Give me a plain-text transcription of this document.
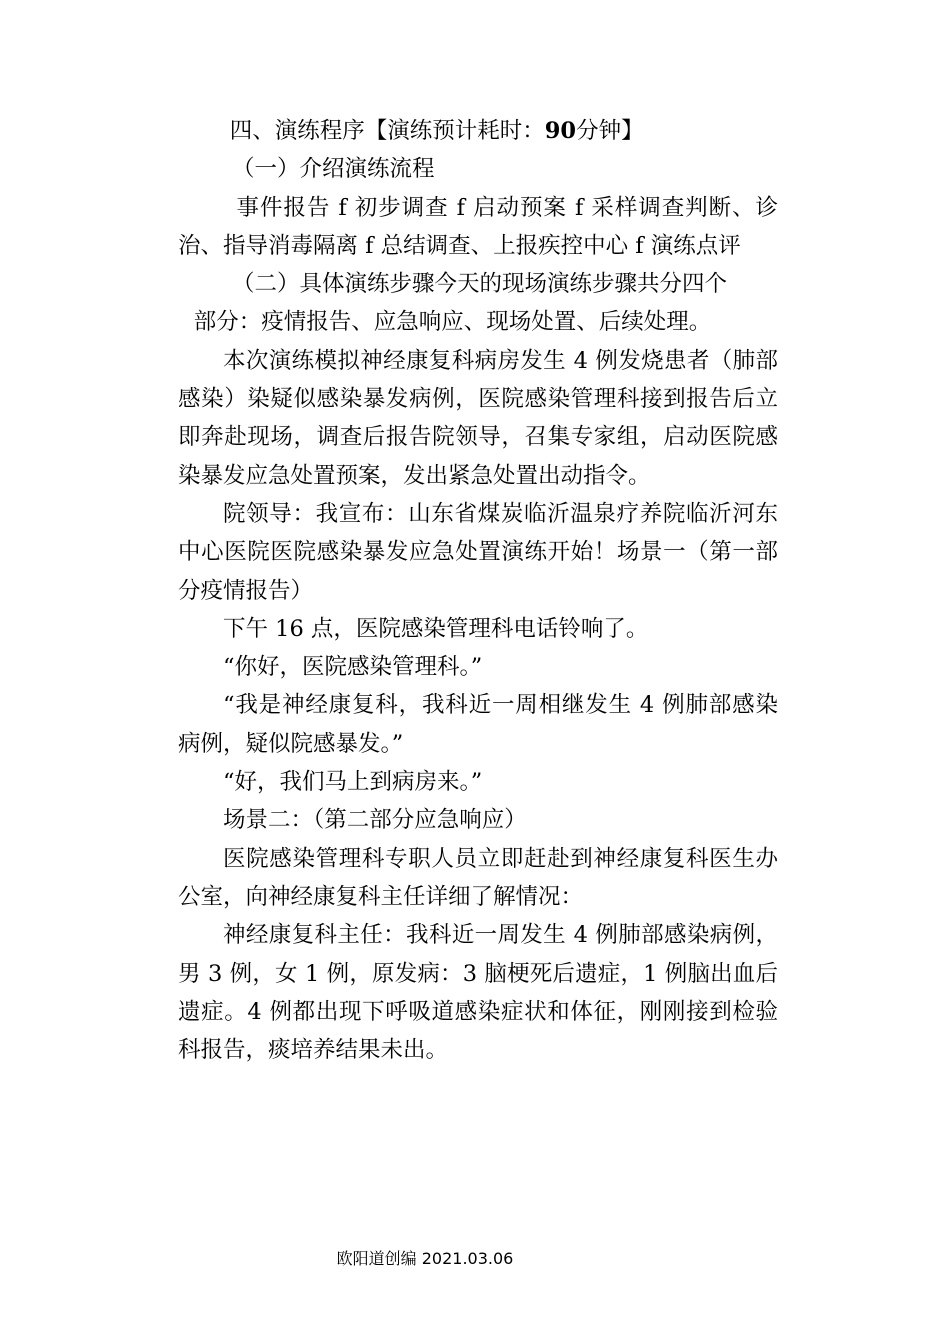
四、演练程序【演练预计耗时：90分钟】

（一）介绍演练流程

事件报告 f 初步调查 f 启动预案 f 采样调查判断、诊治、指导消毒隔离 f 总结调查、上报疾控中心 f 演练点评

（二）具体演练步骤今天的现场演练步骤共分四个

部分：疫情报告、应急响应、现场处置、后续处理。

本次演练模拟神经康复科病房发生 4 例发烧患者（肺部感染）染疑似感染暴发病例，医院感染管理科接到报告后立即奔赴现场，调查后报告院领导，召集专家组，启动医院感染暴发应急处置预案，发出紧急处置出动指令。

院领导：我宣布：山东省煤炭临沂温泉疗养院临沂河东中心医院医院感染暴发应急处置演练开始！场景一（第一部分疫情报告）

下午 16 点，医院感染管理科电话铃响了。

“你好，医院感染管理科。”

“我是神经康复科，我科近一周相继发生 4 例肺部感染病例，疑似院感暴发。”

“好，我们马上到病房来。”

场景二：（第二部分应急响应）

医院感染管理科专职人员立即赶赴到神经康复科医生办公室，向神经康复科主任详细了解情况：

神经康复科主任：我科近一周发生 4 例肺部感染病例，男 3 例，女 1 例，原发病：3 脑梗死后遗症，1 例脑出血后遗症。4 例都出现下呼吸道感染症状和体征，刚刚接到检验科报告，痰培养结果未出。

欧阳道创编 2021.03.06
